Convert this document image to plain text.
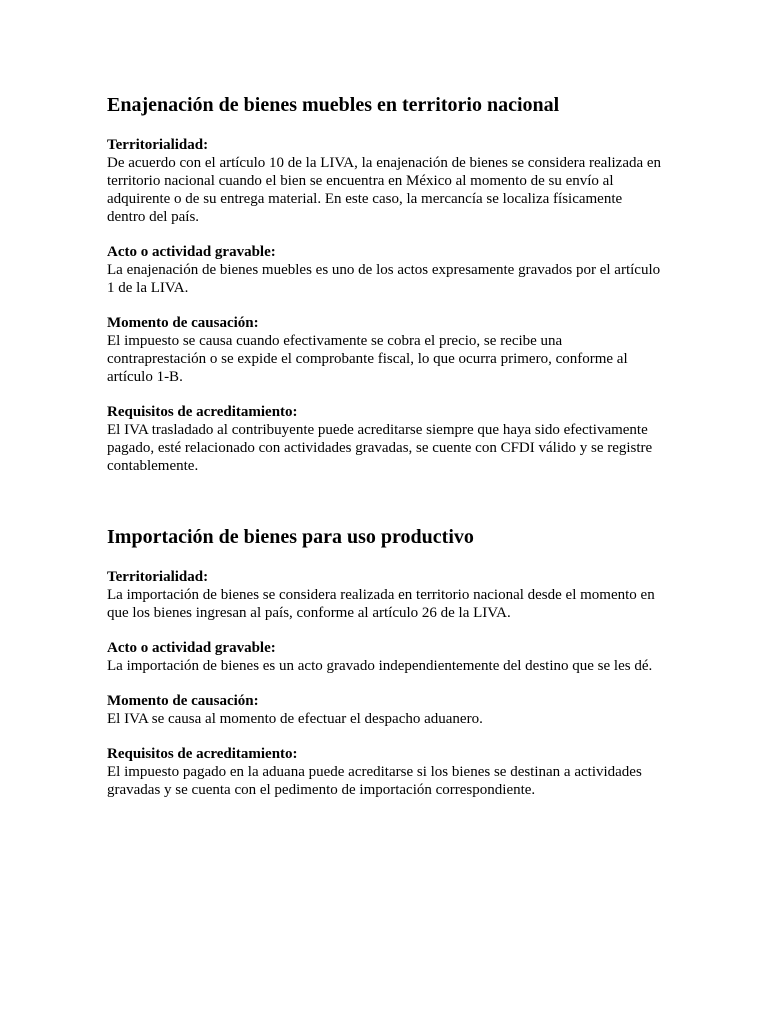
Enajenación de bienes muebles en territorio nacional

Territorialidad:

De acuerdo con el artículo 10 de la LIVA, la enajenación de bienes se considera realizada en territorio nacional cuando el bien se encuentra en México al momento de su envío al adquirente o de su entrega material. En este caso, la mercancía se localiza físicamente dentro del país.

Acto o actividad gravable:

La enajenación de bienes muebles es uno de los actos expresamente gravados por el artículo 1 de la LIVA.

Momento de causación:

El impuesto se causa cuando efectivamente se cobra el precio, se recibe una contraprestación o se expide el comprobante fiscal, lo que ocurra primero, conforme al artículo 1-B.

Requisitos de acreditamiento:

El IVA trasladado al contribuyente puede acreditarse siempre que haya sido efectivamente pagado, esté relacionado con actividades gravadas, se cuente con CFDI válido y se registre contablemente.

Importación de bienes para uso productivo

Territorialidad:

La importación de bienes se considera realizada en territorio nacional desde el momento en que los bienes ingresan al país, conforme al artículo 26 de la LIVA.

Acto o actividad gravable:

La importación de bienes es un acto gravado independientemente del destino que se les dé.

Momento de causación:

El IVA se causa al momento de efectuar el despacho aduanero.

Requisitos de acreditamiento:

El impuesto pagado en la aduana puede acreditarse si los bienes se destinan a actividades gravadas y se cuenta con el pedimento de importación correspondiente.
